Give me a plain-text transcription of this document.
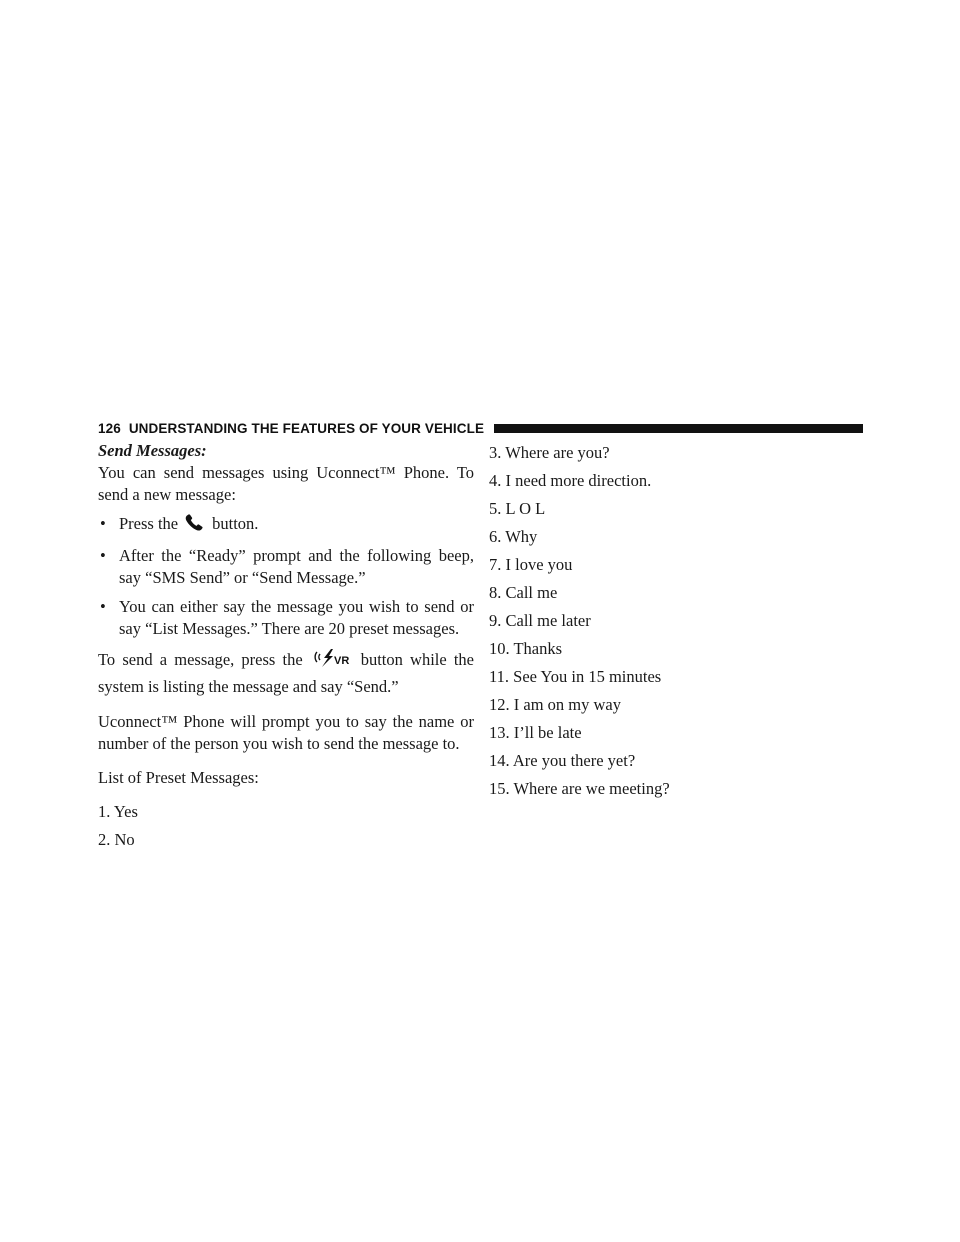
126 UNDERSTANDING THE FEATURES OF YOUR VEHICLE

Send Messages:

You can send messages using Uconnect™ Phone. To send a new message:

• Press the button.

• After the “Ready” prompt and the following beep, say “SMS Send” or “Send Message.”

• You can either say the message you wish to send or say “List Messages.” There are 20 preset messages.

To send a message, press the	VR button while the system is listing the message and say “Send.”

Uconnect™ Phone will prompt you to say the name or number of the person you wish to send the message to.

List of Preset Messages:

1. Yes

2. No

3. Where are you?

4. I need more direction.

5. L O L

6. Why

7. I love you

8. Call me

9. Call me later

10. Thanks

11. See You in 15 minutes

12. I am on my way

13. I’ll be late

14. Are you there yet?

15. Where are we meeting?
